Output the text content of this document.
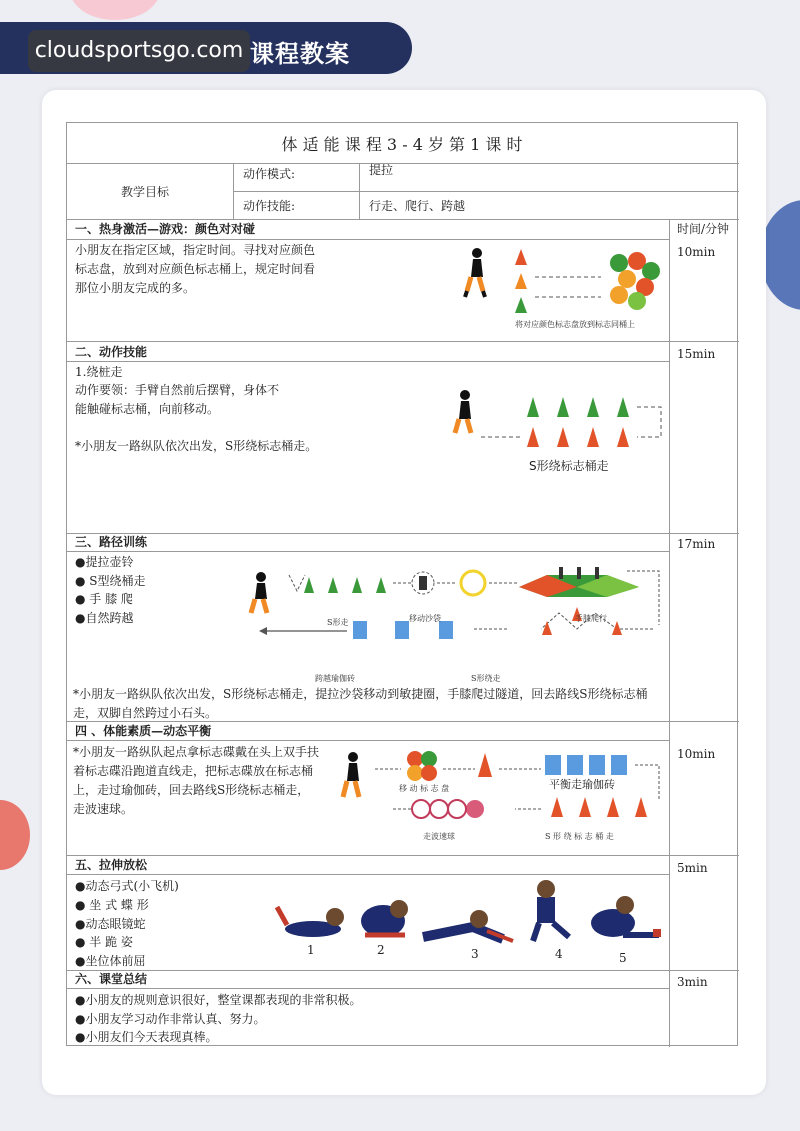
课程教案
cloudsportsgo.com
体 适 能 课 程 3 - 4 岁 第 1 课 时
教学目标
动作模式:	提拉
动作技能:	行走、爬行、跨越
时间/分钟
一、热身激活—游戏：颜色对对碰
10min
小朋友在指定区域，指定时间。寻找对应颜色标志盘，放到对应颜色标志桶上，规定时间看那位小朋友完成的多。
将对应颜色标志盘放到标志同桶上
二、动作技能	15min
1.绕桩走
动作要领：手臂自然前后摆臂，身体不
能触碰标志桶，向前移动。
*小朋友一路纵队依次出发，S形绕标志桶走。
S形绕标志桶走
三、路径训练	17min
●提拉壶铃
● S型绕桶走
● 手 膝 爬
●自然跨越	S形走	移动沙袋	手膝爬行
跨越瑜伽砖	S形绕走
*小朋友一路纵队依次出发，S形绕标志桶走，提拉沙袋移动到敏捷圈，手膝爬过隧道，回去路线S形绕标志桶走，双脚自然跨过小石头。
四 、体能素质—动态平衡
10min
*小朋友一路纵队起点拿标志碟戴在头上双手扶着标志碟沿跑道直线走，把标志碟放在标志桶上，走过瑜伽砖，回去路线S形绕标志桶走，走波速球。
移 动 标 志 盘	平衡走瑜伽砖
走波速球	S 形 绕 标 志 桶 走
五、拉伸放松	5min
●动态弓式(小飞机)
● 坐 式 蝶 形
●动态眼镜蛇
● 半 跪 姿
●坐位体前屈
1	2	3	4	5
六、课堂总结	3min
●小朋友的规则意识很好，整堂课都表现的非常积极。
●小朋友学习动作非常认真、努力。
●小朋友们今天表现真棒。
